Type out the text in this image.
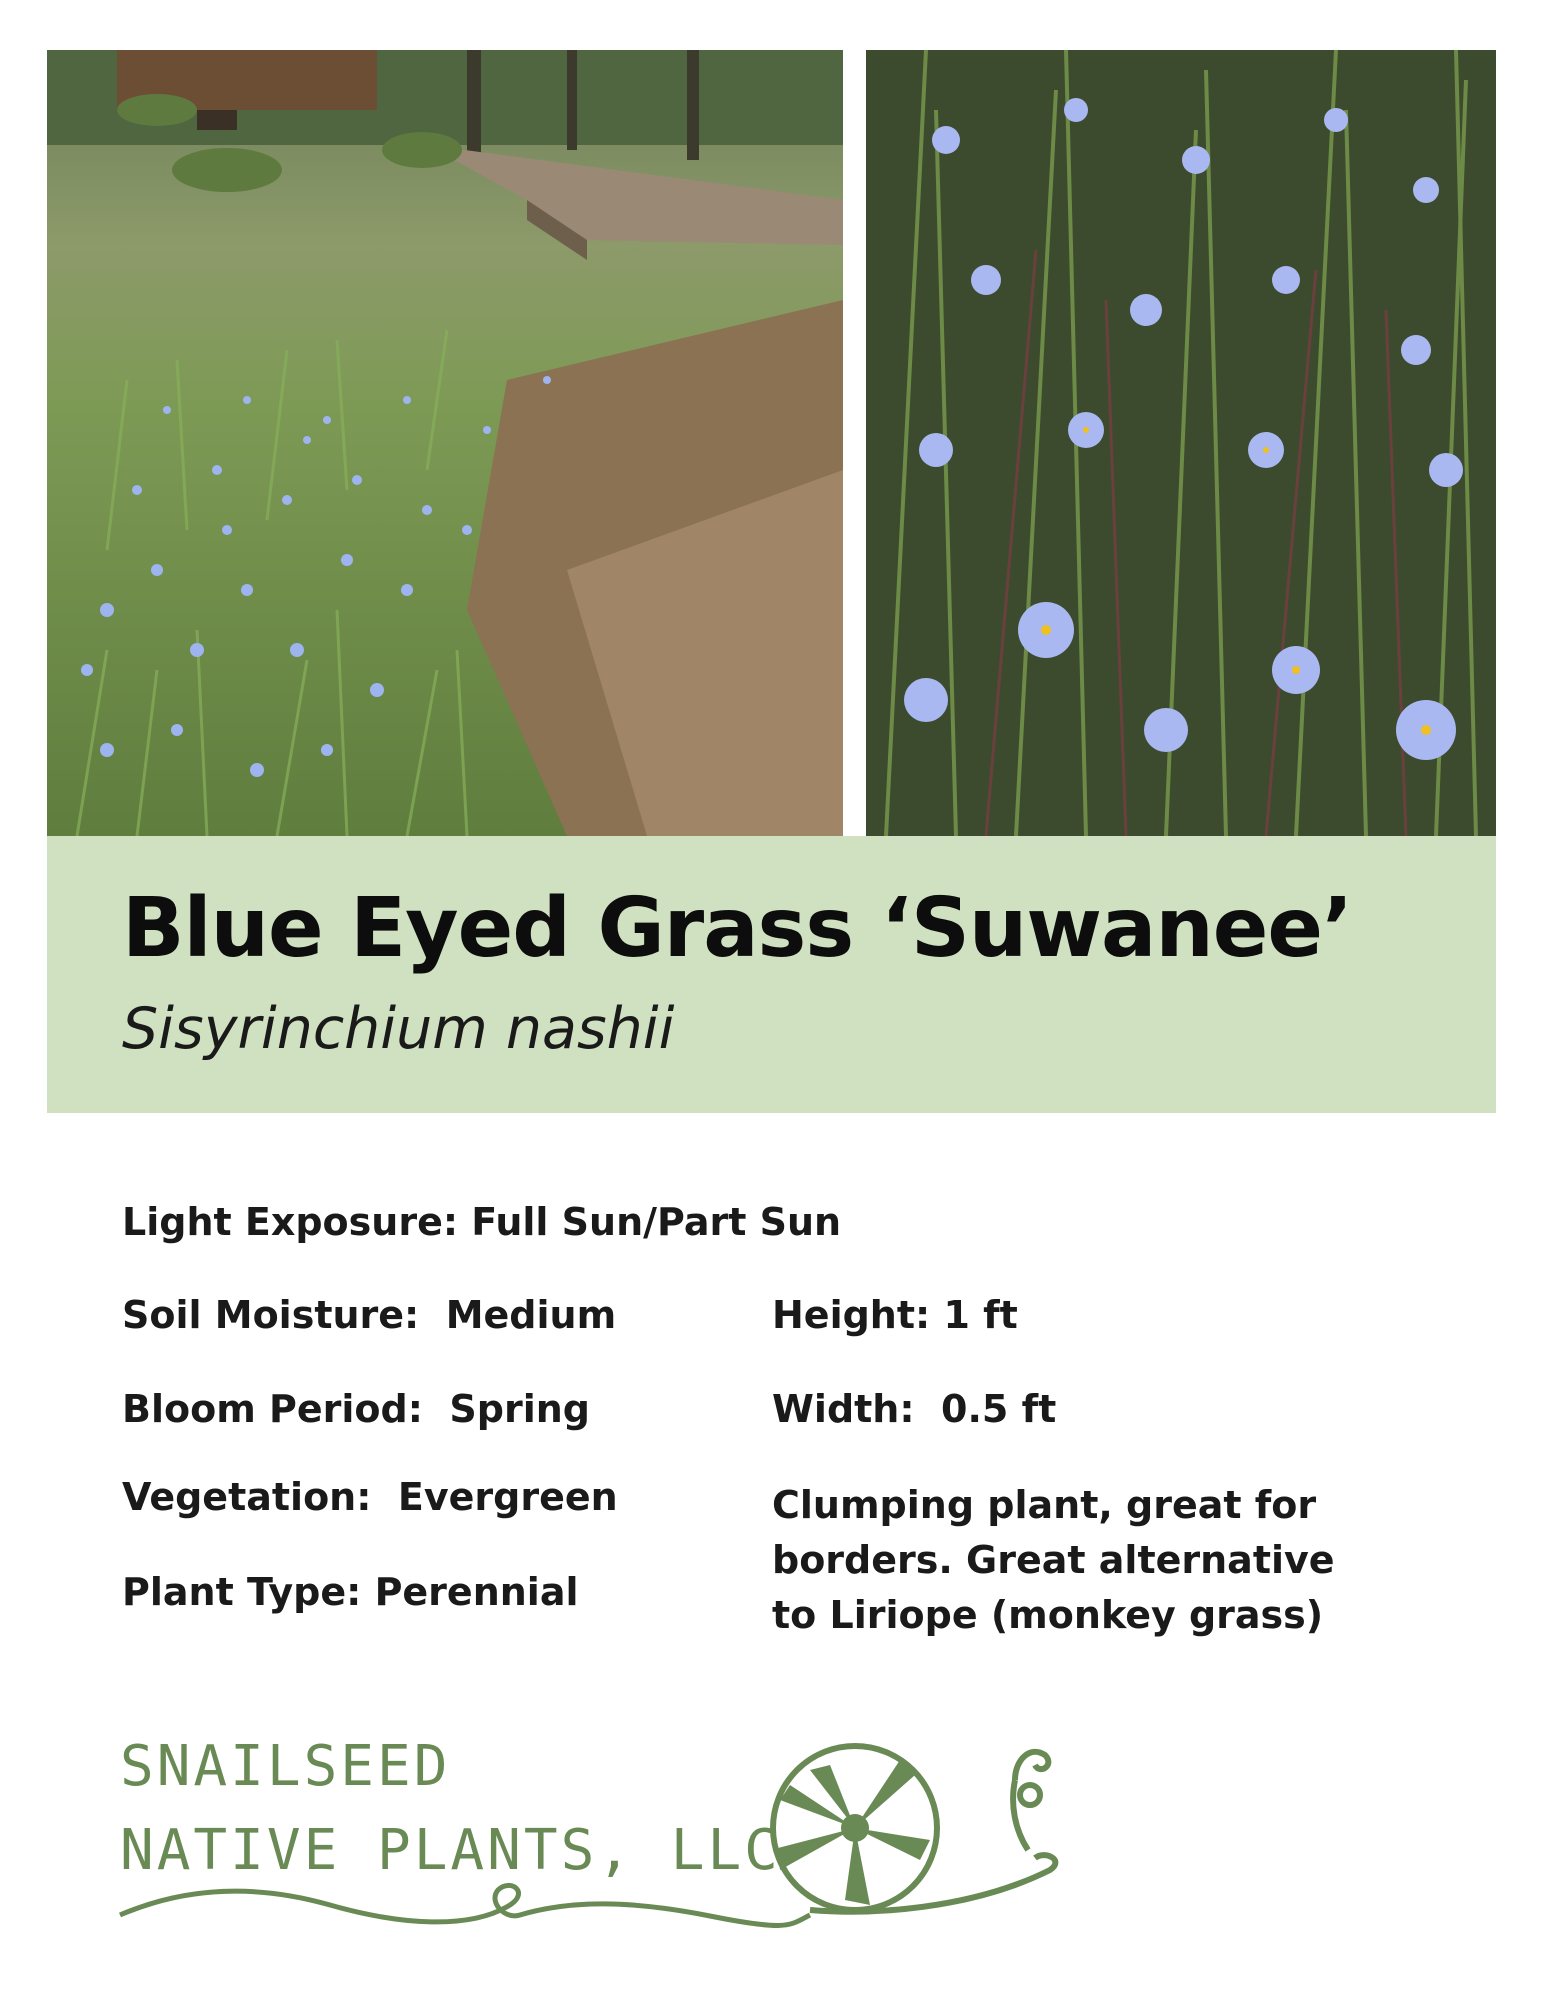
Blue Eyed Grass ‘Suwanee’

Sisyrinchium nashii

Light Exposure: Full Sun/Part Sun
Soil Moisture: Medium
Bloom Period: Spring
Vegetation: Evergreen
Plant Type: Perennial
Height: 1 ft
Width: 0.5 ft
Clumping plant, great for borders. Great alternative to Liriope (monkey grass)
SNAILSEED
NATIVE PLANTS, LLC
